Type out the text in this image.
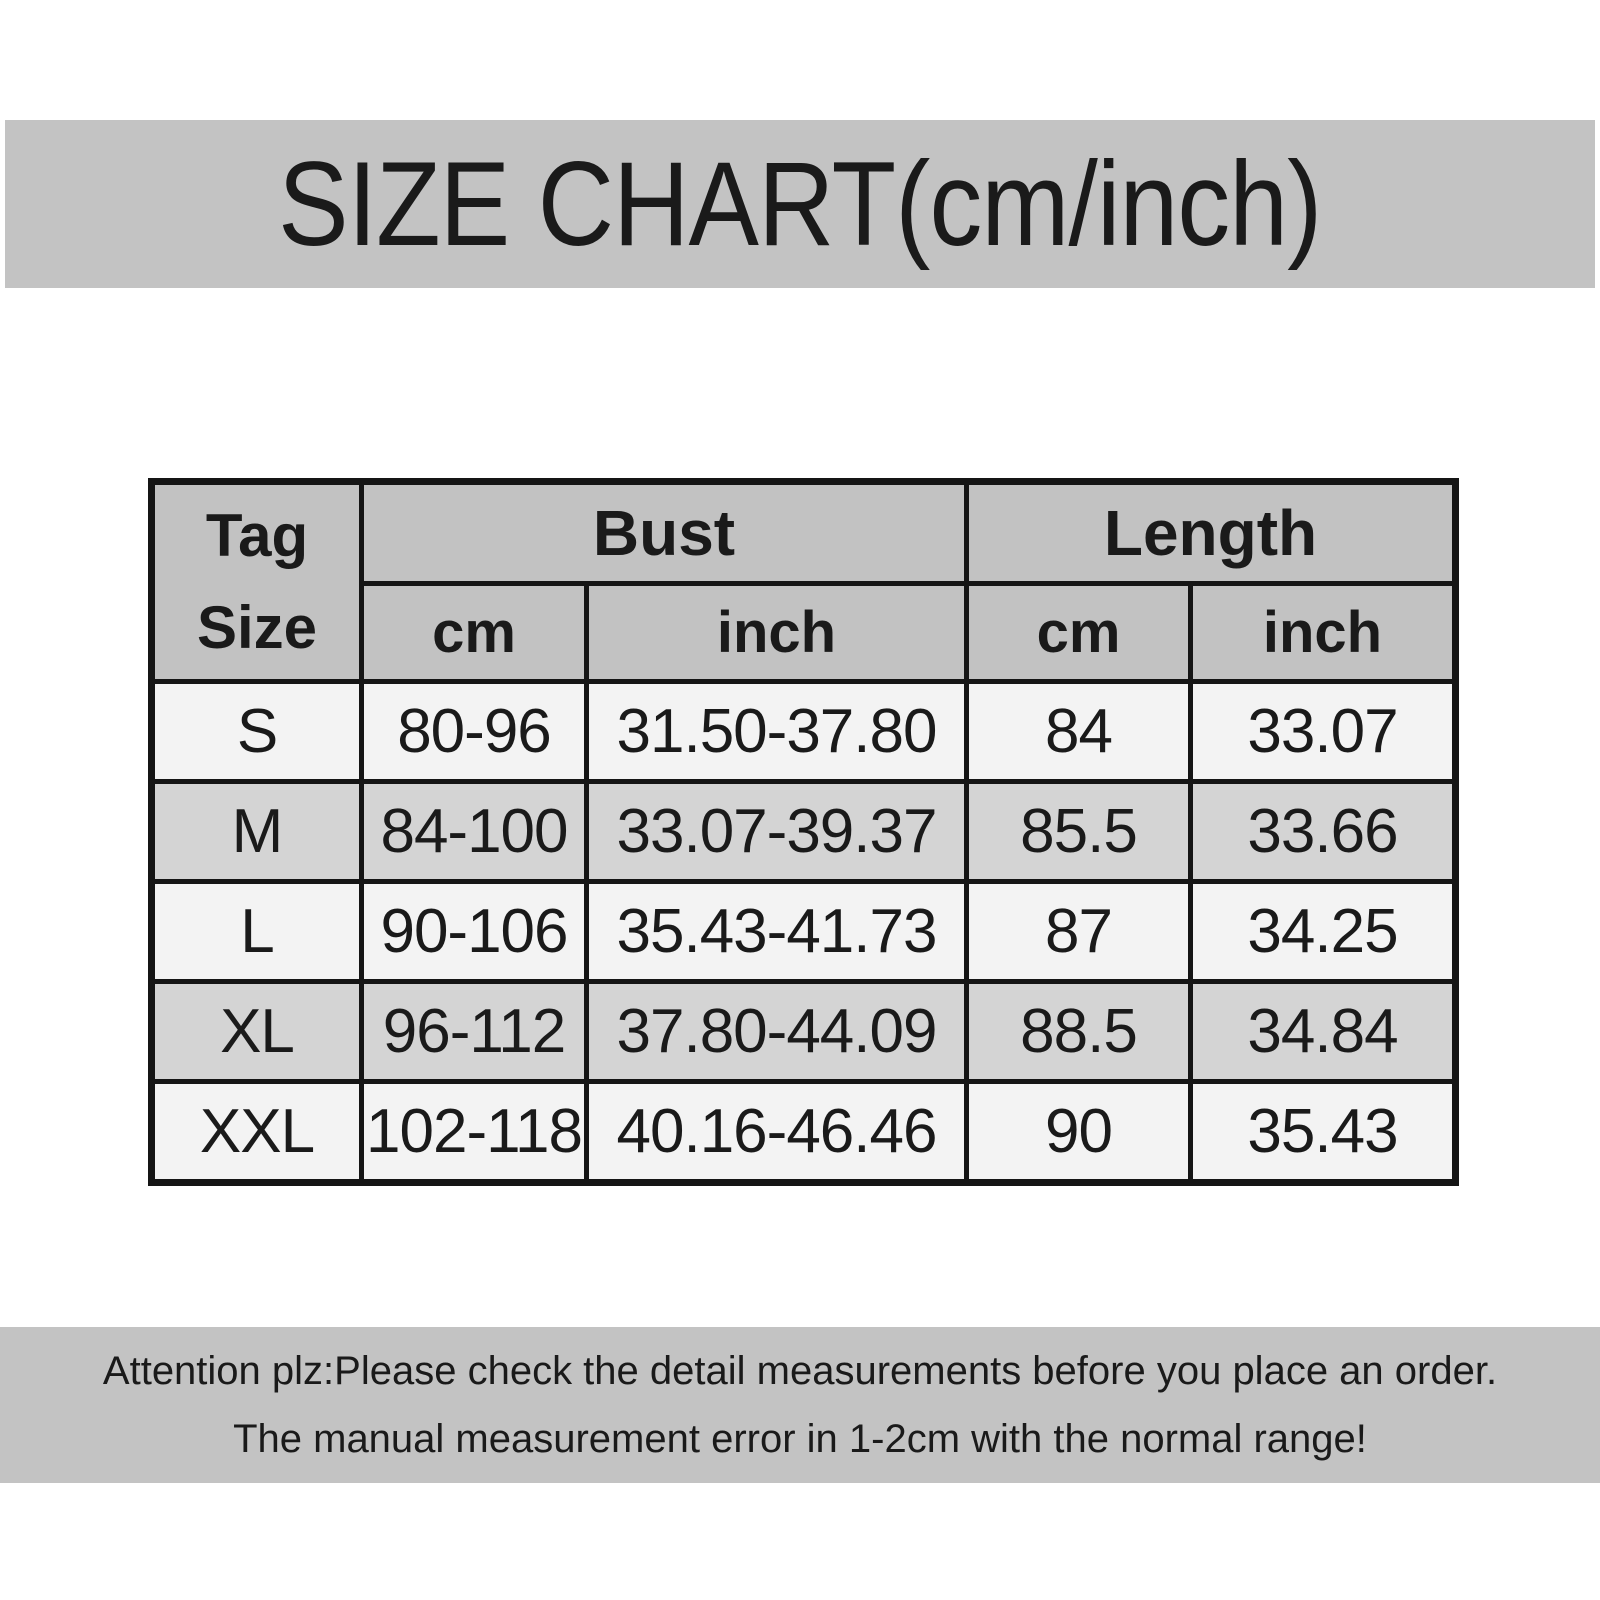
SIZE CHART(cm/inch)
Tag
Size	Bust		Length	
	cm	inch	cm	inch
S	80-96	31.50-37.80	84	33.07
M	84-100	33.07-39.37	85.5	33.66
L	90-106	35.43-41.73	87	34.25
XL	96-112	37.80-44.09	88.5	34.84
XXL	102-118	40.16-46.46	90	35.43

Attention plz:Please check the detail measurements before you place an order.

The manual measurement error in 1-2cm with the normal range!
